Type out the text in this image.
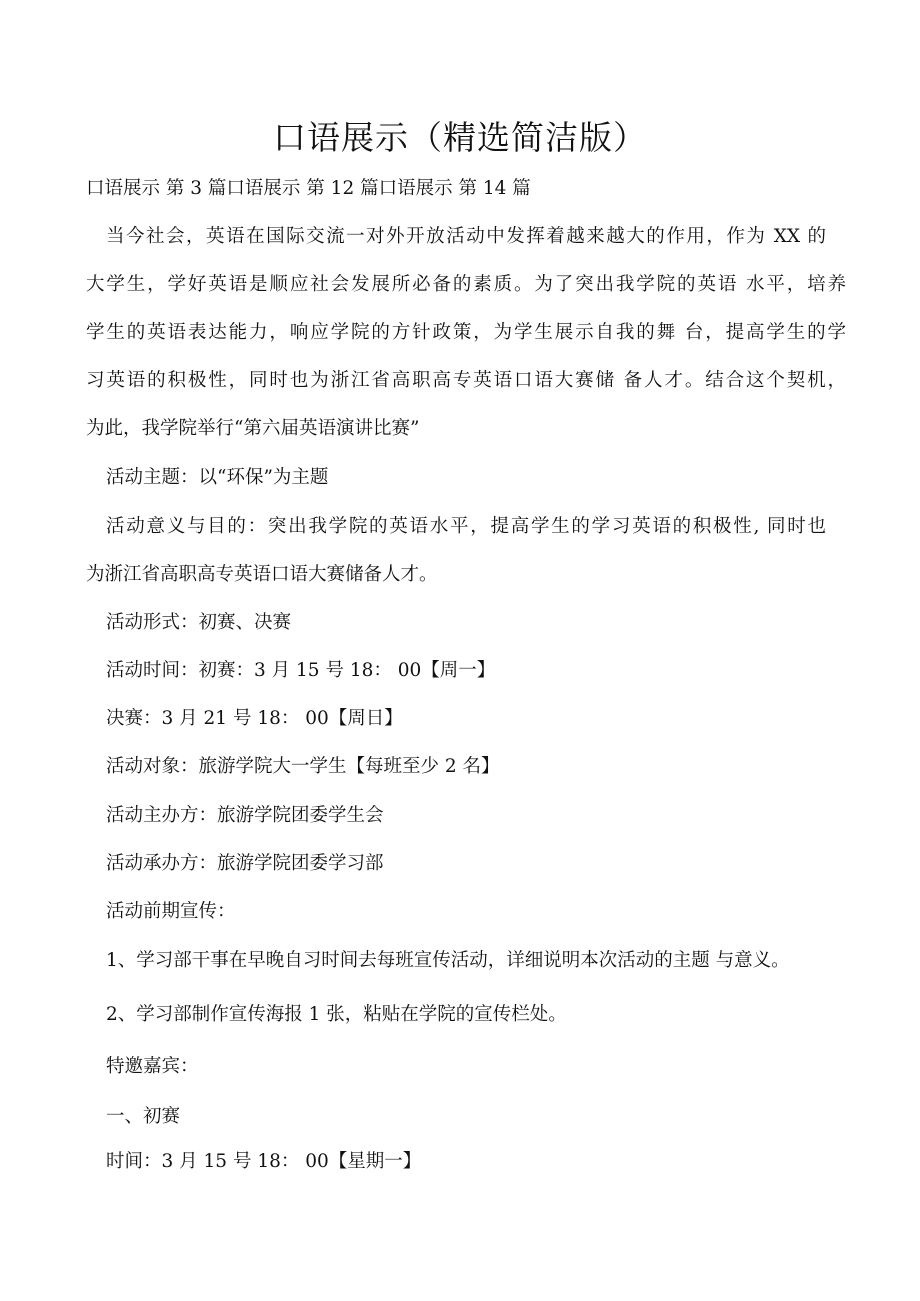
口语展示（精选简洁版）

口语展示 第 3 篇口语展示 第 12 篇口语展示 第 14 篇

当今社会，英语在国际交流一对外开放活动中发挥着越来越大的作用，作为 XX 的

大学生，学好英语是顺应社会发展所必备的素质。为了突出我学院的英语 水平，培养

学生的英语表达能力，响应学院的方针政策，为学生展示自我的舞 台，提高学生的学

习英语的积极性，同时也为浙江省高职高专英语口语大赛储 备人才。结合这个契机，

为此，我学院举行“第六届英语演讲比赛”

活动主题：以“环保”为主题

活动意义与目的：突出我学院的英语水平，提高学生的学习英语的积极性, 同时也

为浙江省高职高专英语口语大赛储备人才。

活动形式：初赛、决赛

活动时间：初赛：3 月 15 号 18： 00【周一】

决赛：3 月 21 号 18： 00【周日】

活动对象：旅游学院大一学生【每班至少 2 名】

活动主办方：旅游学院团委学生会

活动承办方：旅游学院团委学习部

活动前期宣传：

1、学习部干事在早晚自习时间去每班宣传活动，详细说明本次活动的主题 与意义。

2、学习部制作宣传海报 1 张，粘贴在学院的宣传栏处。

特邀嘉宾：

一、初赛

时间：3 月 15 号 18： 00【星期一】
